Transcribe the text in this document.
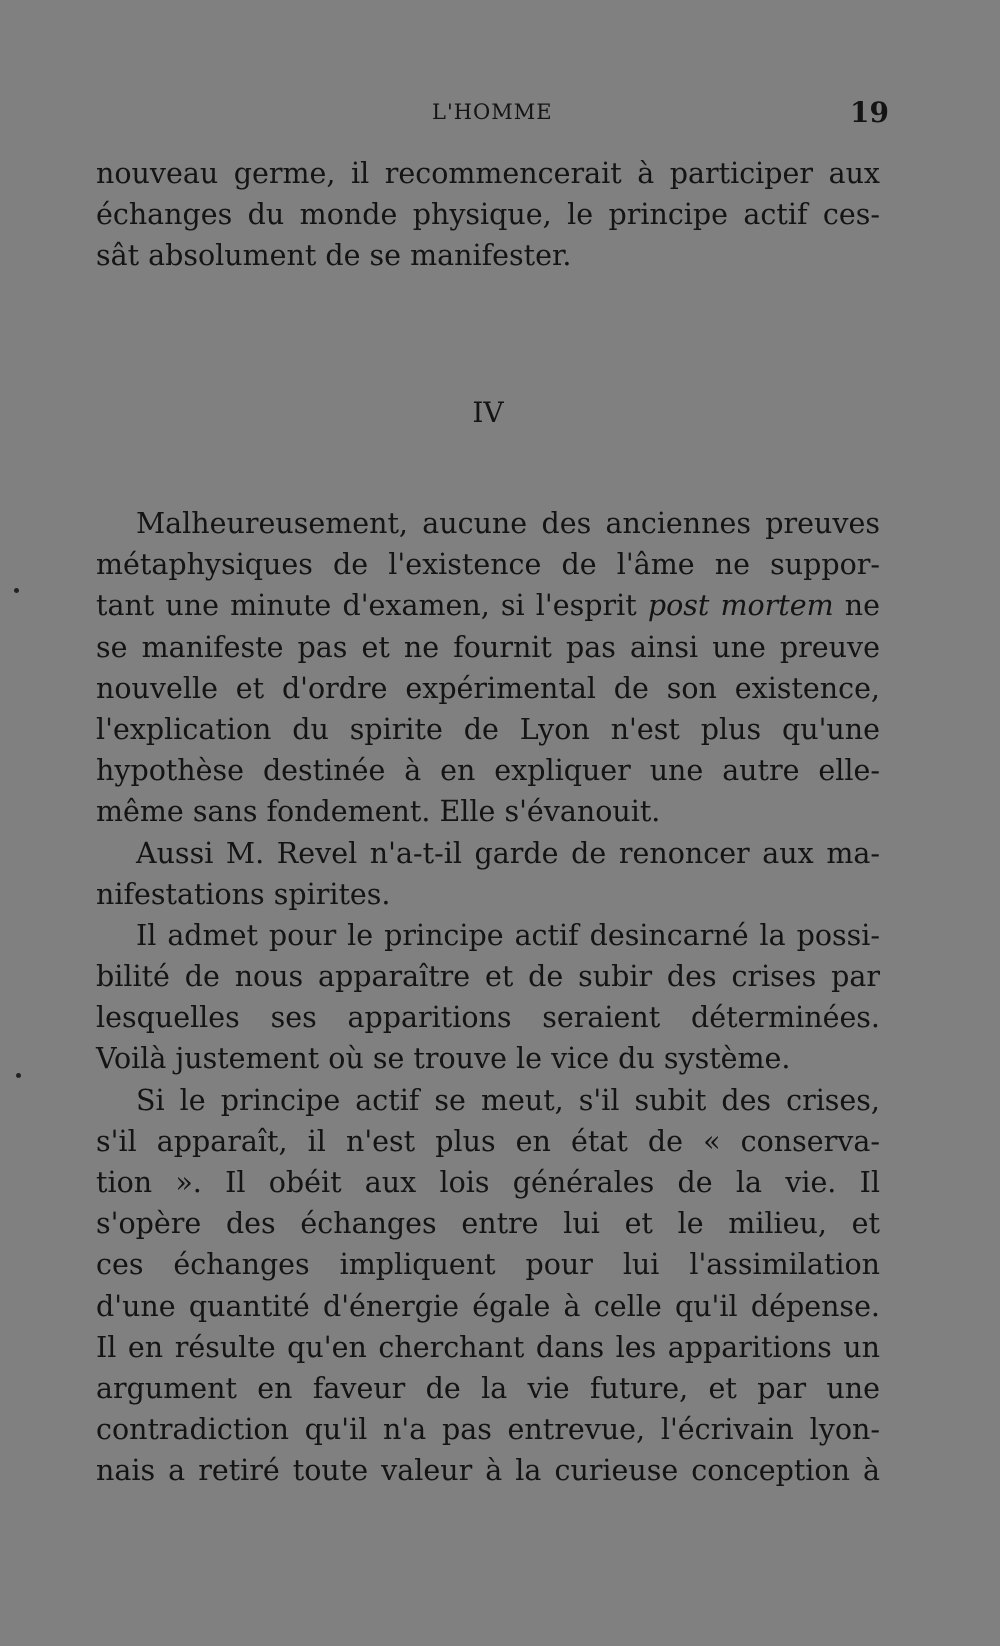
L'HOMME	19
nouveau germe, il recommencerait à participer aux
échanges du monde physique, le principe actif ces-
sât absolument de se manifester.
IV
Malheureusement, aucune des anciennes preuves
métaphysiques de l'existence de l'âme ne suppor-
tant une minute d'examen, si l'esprit post mortem ne
se manifeste pas et ne fournit pas ainsi une preuve
nouvelle et d'ordre expérimental de son existence,
l'explication du spirite de Lyon n'est plus qu'une
hypothèse destinée à en expliquer une autre elle-
même sans fondement. Elle s'évanouit.
Aussi M. Revel n'a-t-il garde de renoncer aux ma-
nifestations spirites.
Il admet pour le principe actif desincarné la possi-
bilité de nous apparaître et de subir des crises par
lesquelles ses apparitions seraient déterminées.
Voilà justement où se trouve le vice du système.
Si le principe actif se meut, s'il subit des crises,
s'il apparaît, il n'est plus en état de « conserva-
tion ». Il obéit aux lois générales de la vie. Il
s'opère des échanges entre lui et le milieu, et
ces échanges impliquent pour lui l'assimilation
d'une quantité d'énergie égale à celle qu'il dépense.
Il en résulte qu'en cherchant dans les apparitions un
argument en faveur de la vie future, et par une
contradiction qu'il n'a pas entrevue, l'écrivain lyon-
nais a retiré toute valeur à la curieuse conception à
